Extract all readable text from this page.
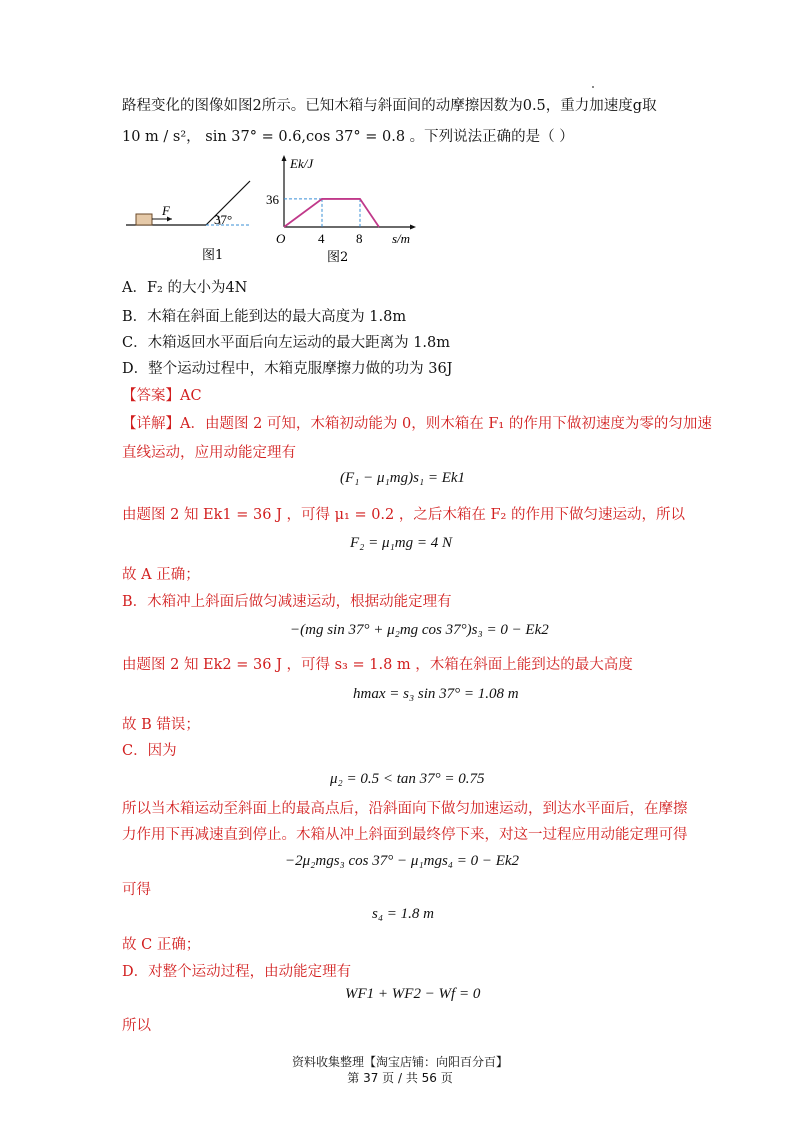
路程变化的图像如图2所示。已知木箱与斜面间的动摩擦因数为0.5，重力加速度g取
10 m / s²， sin 37° = 0.6,cos 37° = 0.8 。下列说法正确的是（ ）
F
37°
图1
4 8
36
Ek/J
s/m
O
图2
A．F₂ 的大小为4N
B．木箱在斜面上能到达的最大高度为 1.8m
C．木箱返回水平面后向左运动的最大距离为 1.8m
D．整个运动过程中，木箱克服摩擦力做的功为 36J
【答案】AC
【详解】A．由题图 2 可知，木箱初动能为 0，则木箱在 F₁ 的作用下做初速度为零的匀加速
直线运动，应用动能定理有
(F₁ − μ₁mg)s₁ = Ek1
由题图 2 知 Ek1 = 36 J ，可得 μ₁ = 0.2 ，之后木箱在 F₂ 的作用下做匀速运动，所以
F₂ = μ₁mg = 4 N
故 A 正确；
B．木箱冲上斜面后做匀减速运动，根据动能定理有
−(mg sin 37° + μ₂mg cos 37°)s₃ = 0 − Ek2
由题图 2 知 Ek2 = 36 J ，可得 s₃ = 1.8 m ，木箱在斜面上能到达的最大高度
hmax = s₃ sin 37° = 1.08 m
故 B 错误；
C．因为
μ₂ = 0.5 < tan 37° = 0.75
所以当木箱运动至斜面上的最高点后，沿斜面向下做匀加速运动，到达水平面后，在摩擦
力作用下再减速直到停止。木箱从冲上斜面到最终停下来，对这一过程应用动能定理可得
−2μ₂mgs₃ cos 37° − μ₁mgs₄ = 0 − Ek2
可得
s₄ = 1.8 m
故 C 正确；
D．对整个运动过程，由动能定理有
WF1 + WF2 − Wf = 0
所以
资料收集整理【淘宝店铺：向阳百分百】
第 37 页 / 共 56 页
